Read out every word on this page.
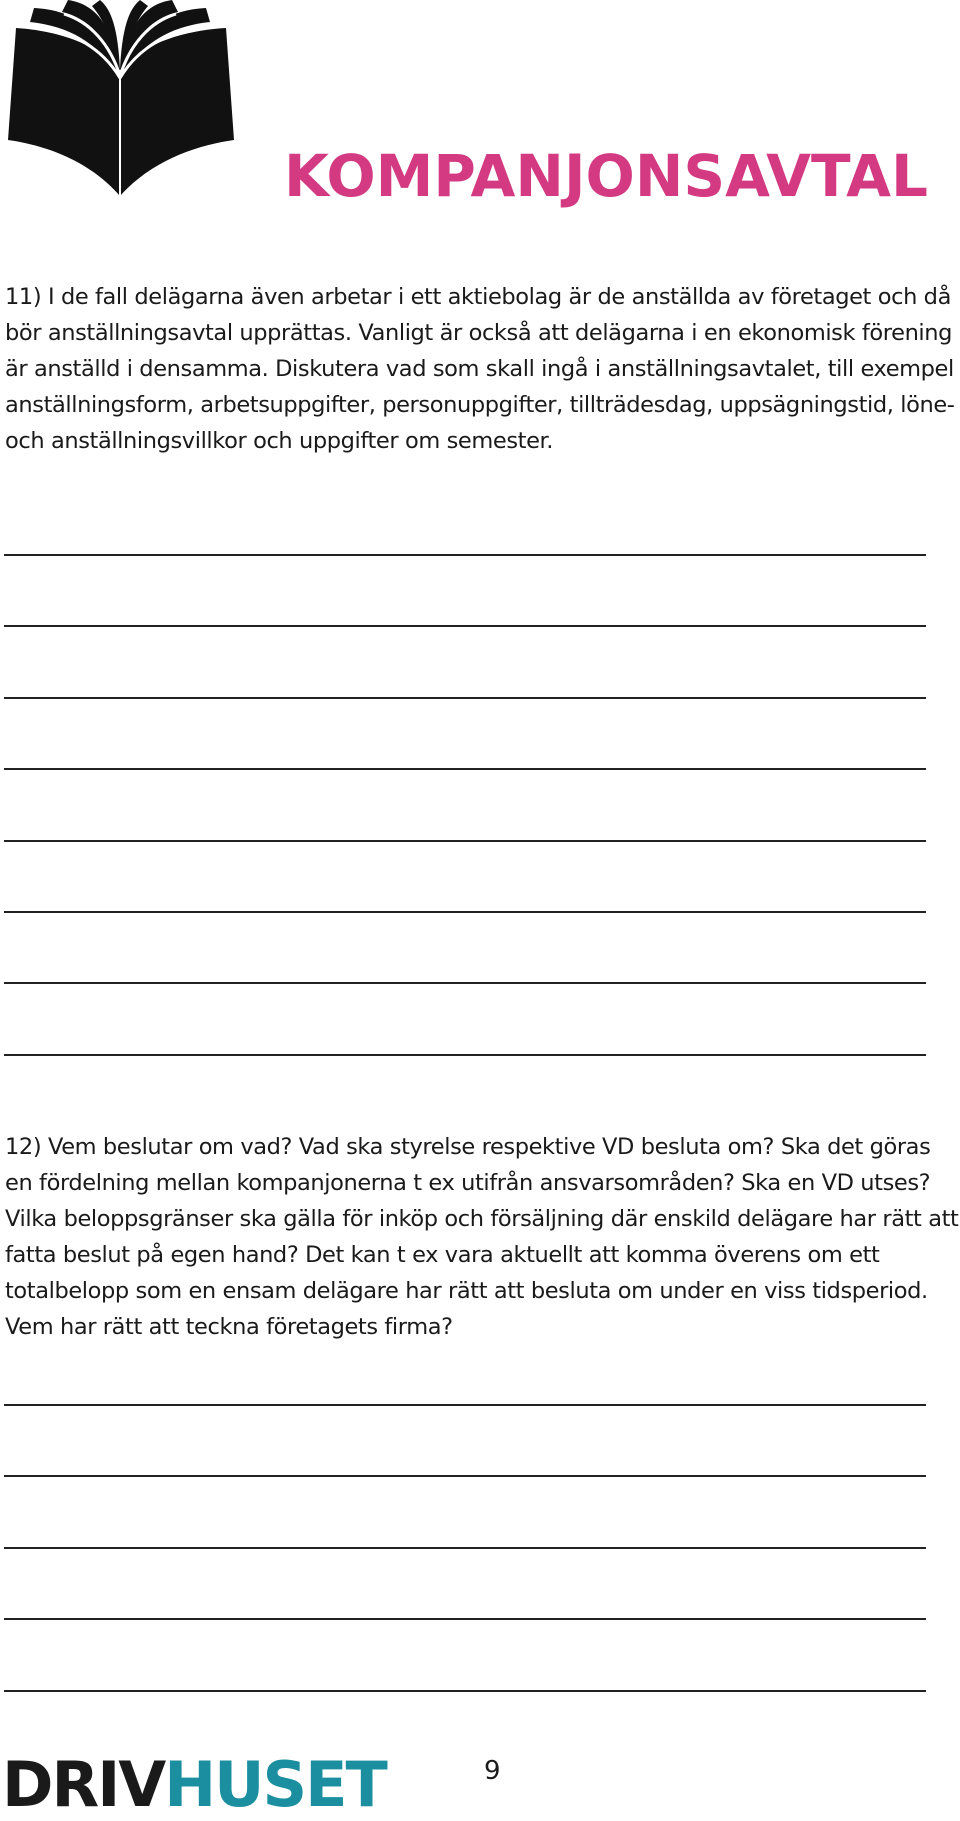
KOMPANJONSAVTAL

11) I de fall delägarna även arbetar i ett aktiebolag är de anställda av företaget och då bör anställningsavtal upprättas. Vanligt är också att delägarna i en ekonomisk förening är anställd i densamma. Diskutera vad som skall ingå i anställningsavtalet, till exempel anställningsform, arbetsuppgifter, personuppgifter, tillträdesdag, uppsägningstid, löne- och anställningsvillkor och uppgifter om semester.

12) Vem beslutar om vad? Vad ska styrelse respektive VD besluta om? Ska det göras en fördelning mellan kompanjonerna t ex utifrån ansvarsområden? Ska en VD utses? Vilka beloppsgränser ska gälla för inköp och försäljning där enskild delägare har rätt att fatta beslut på egen hand? Det kan t ex vara aktuellt att komma överens om ett totalbelopp som en ensam delägare har rätt att besluta om under en viss tidsperiod. Vem har rätt att teckna företagets firma?

DRIVHUSET	9
